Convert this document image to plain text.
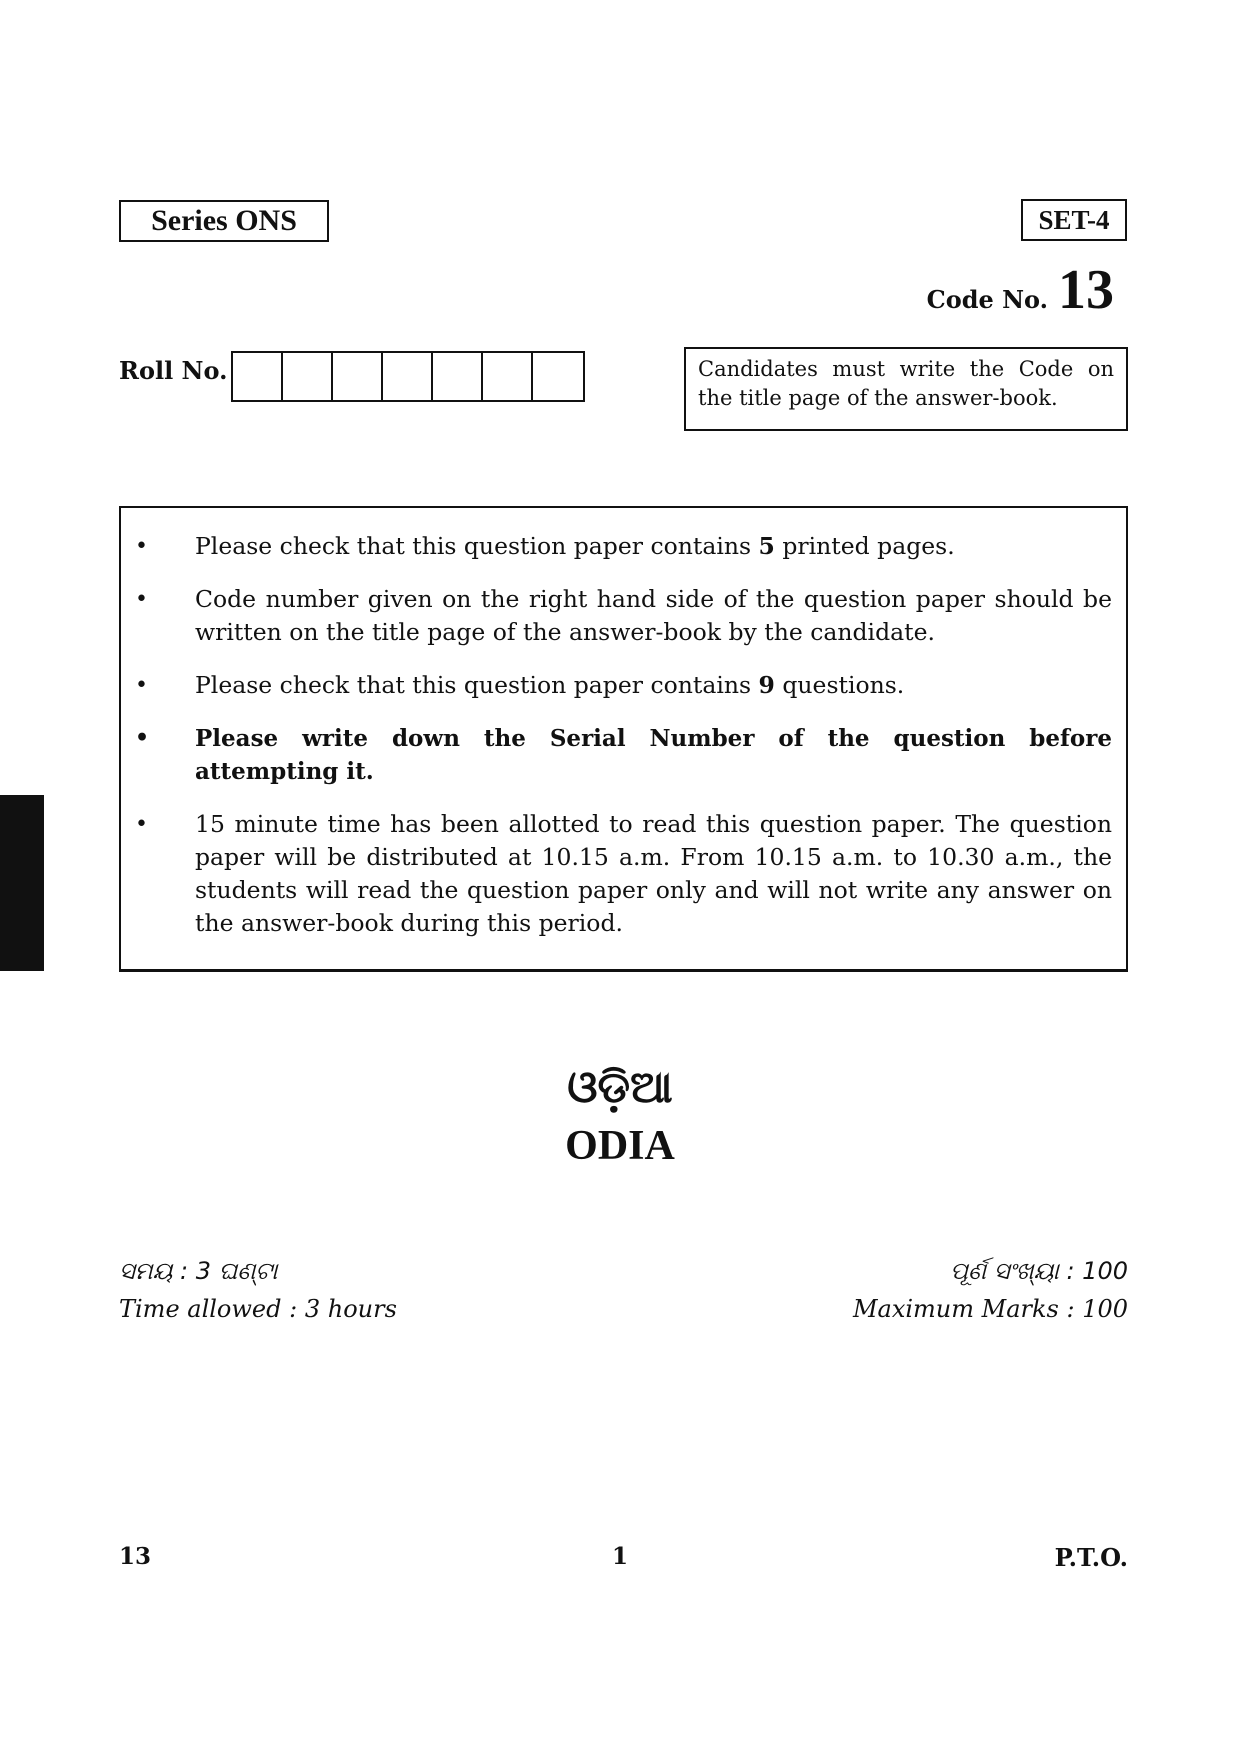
Series ONS	SET-4
Code No. 13
Roll No.	Candidates must write the Code on the title page of the answer-book.
• Please check that this question paper contains 5 printed pages.
• Code number given on the right hand side of the question paper should be written on the title page of the answer-book by the candidate.
• Please check that this question paper contains 9 questions.
• Please write down the Serial Number of the question before attempting it.
• 15 minute time has been allotted to read this question paper. The question paper will be distributed at 10.15 a.m. From 10.15 a.m. to 10.30 a.m., the students will read the question paper only and will not write any answer on the answer-book during this period.
ଓଡ଼ିଆ
ODIA
ସମୟ : 3 ଘଣ୍ଟା
Time allowed : 3 hours
ପୂର୍ଣ ସଂଖ୍ୟା : 100
Maximum Marks : 100
13	1	P.T.O.
